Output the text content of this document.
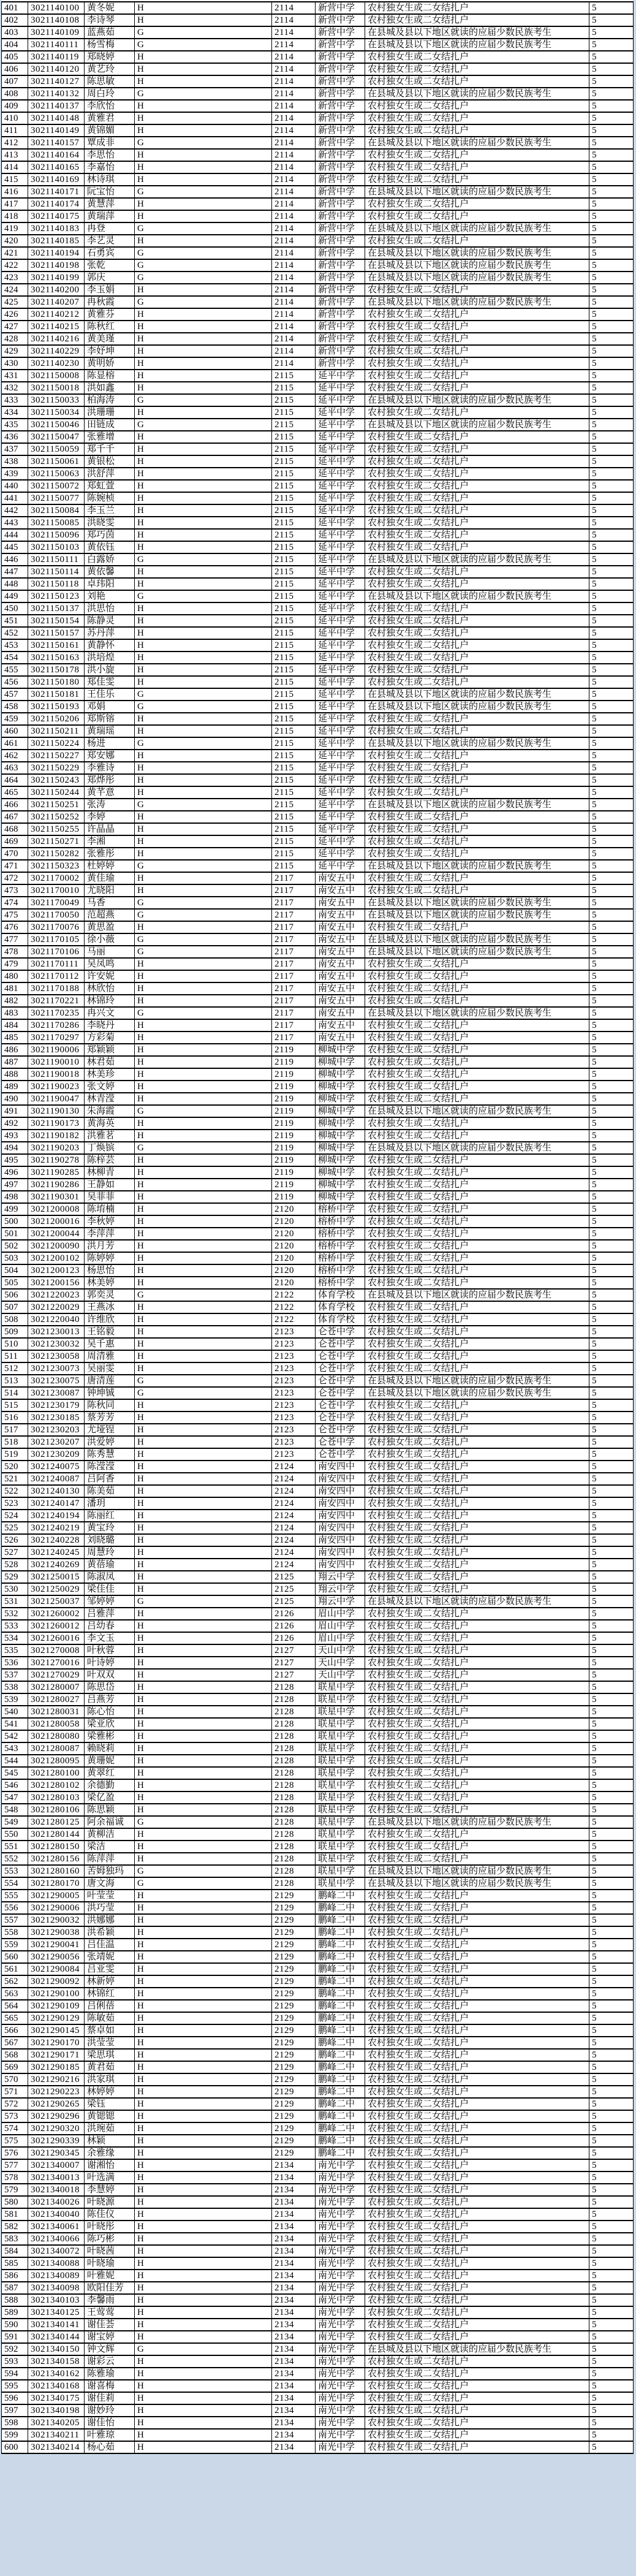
401	3021140100	黄冬妮	H	2114	新营中学	农村独女生或二女结扎户	5
402	3021140108	李诗琴	H	2114	新营中学	农村独女生或二女结扎户	5
403	3021140109	蓝燕茹	G	2114	新营中学	在县城及县以下地区就读的应届少数民族考生	5
404	3021140111	杨雪梅	G	2114	新营中学	在县城及县以下地区就读的应届少数民族考生	5
405	3021140119	郑晓婷	H	2114	新营中学	农村独女生或二女结扎户	5
406	3021140120	黄艺玲	H	2114	新营中学	农村独女生或二女结扎户	5
407	3021140127	陈思敏	H	2114	新营中学	农村独女生或二女结扎户	5
408	3021140132	周白玲	G	2114	新营中学	在县城及县以下地区就读的应届少数民族考生	5
409	3021140137	李欣怡	H	2114	新营中学	农村独女生或二女结扎户	5
410	3021140148	黄雅君	H	2114	新营中学	农村独女生或二女结扎户	5
411	3021140149	黄锦媚	H	2114	新营中学	农村独女生或二女结扎户	5
412	3021140157	覃成非	G	2114	新营中学	在县城及县以下地区就读的应届少数民族考生	5
413	3021140164	李思怡	H	2114	新营中学	农村独女生或二女结扎户	5
414	3021140165	李嘉怡	H	2114	新营中学	农村独女生或二女结扎户	5
415	3021140169	林诗琪	H	2114	新营中学	农村独女生或二女结扎户	5
416	3021140171	阮宝怡	G	2114	新营中学	在县城及县以下地区就读的应届少数民族考生	5
417	3021140174	黄慧萍	H	2114	新营中学	农村独女生或二女结扎户	5
418	3021140175	黄瑞萍	H	2114	新营中学	农村独女生或二女结扎户	5
419	3021140183	冉登	G	2114	新营中学	在县城及县以下地区就读的应届少数民族考生	5
420	3021140185	李艺灵	H	2114	新营中学	农村独女生或二女结扎户	5
421	3021140194	石勇宾	G	2114	新营中学	在县城及县以下地区就读的应届少数民族考生	5
422	3021140198	张乾	G	2114	新营中学	在县城及县以下地区就读的应届少数民族考生	5
423	3021140199	郭庆	G	2114	新营中学	在县城及县以下地区就读的应届少数民族考生	5
424	3021140200	李玉娟	H	2114	新营中学	农村独女生或二女结扎户	5
425	3021140207	冉秋霞	G	2114	新营中学	在县城及县以下地区就读的应届少数民族考生	5
426	3021140212	黄雅芬	H	2114	新营中学	农村独女生或二女结扎户	5
427	3021140215	陈秋红	H	2114	新营中学	农村独女生或二女结扎户	5
428	3021140216	黄美瑾	H	2114	新营中学	农村独女生或二女结扎户	5
429	3021140229	李妤坤	H	2114	新营中学	农村独女生或二女结扎户	5
430	3021140230	黄明娇	H	2114	新营中学	农村独女生或二女结扎户	5
431	3021150008	陈显榕	H	2115	延平中学	农村独女生或二女结扎户	5
432	3021150018	洪如鑫	H	2115	延平中学	农村独女生或二女结扎户	5
433	3021150033	柏海涛	G	2115	延平中学	在县城及县以下地区就读的应届少数民族考生	5
434	3021150034	洪珊珊	H	2115	延平中学	农村独女生或二女结扎户	5
435	3021150046	田链成	G	2115	延平中学	在县城及县以下地区就读的应届少数民族考生	5
436	3021150047	张雅增	H	2115	延平中学	农村独女生或二女结扎户	5
437	3021150059	郑千千	H	2115	延平中学	农村独女生或二女结扎户	5
438	3021150061	黄银松	H	2115	延平中学	农村独女生或二女结扎户	5
439	3021150063	洪舒萍	H	2115	延平中学	农村独女生或二女结扎户	5
440	3021150072	郑虹萱	H	2115	延平中学	农村独女生或二女结扎户	5
441	3021150077	陈婉桢	H	2115	延平中学	农村独女生或二女结扎户	5
442	3021150084	李玉兰	H	2115	延平中学	农村独女生或二女结扎户	5
443	3021150085	洪晓雯	H	2115	延平中学	农村独女生或二女结扎户	5
444	3021150096	郑巧茵	H	2115	延平中学	农村独女生或二女结扎户	5
445	3021150103	黄依钰	H	2115	延平中学	农村独女生或二女结扎户	5
446	3021150111	白露娇	G	2115	延平中学	在县城及县以下地区就读的应届少数民族考生	5
447	3021150114	黄依馨	H	2115	延平中学	农村独女生或二女结扎户	5
448	3021150118	卓玮阳	H	2115	延平中学	农村独女生或二女结扎户	5
449	3021150123	刘艳	G	2115	延平中学	在县城及县以下地区就读的应届少数民族考生	5
450	3021150137	洪思怡	H	2115	延平中学	农村独女生或二女结扎户	5
451	3021150154	陈静灵	H	2115	延平中学	农村独女生或二女结扎户	5
452	3021150157	苏丹萍	H	2115	延平中学	农村独女生或二女结扎户	5
453	3021150161	黄静怀	H	2115	延平中学	农村独女生或二女结扎户	5
454	3021150163	洪培煌	H	2115	延平中学	农村独女生或二女结扎户	5
455	3021150178	洪小旋	H	2115	延平中学	农村独女生或二女结扎户	5
456	3021150180	郑佳雯	H	2115	延平中学	农村独女生或二女结扎户	5
457	3021150181	王佳乐	G	2115	延平中学	在县城及县以下地区就读的应届少数民族考生	5
458	3021150193	邓娟	G	2115	延平中学	在县城及县以下地区就读的应届少数民族考生	5
459	3021150206	郑斯镕	H	2115	延平中学	农村独女生或二女结扎户	5
460	3021150211	黄瑞瑶	H	2115	延平中学	农村独女生或二女结扎户	5
461	3021150224	杨进	G	2115	延平中学	在县城及县以下地区就读的应届少数民族考生	5
462	3021150227	郑安娜	H	2115	延平中学	农村独女生或二女结扎户	5
463	3021150229	李雅诗	H	2115	延平中学	农村独女生或二女结扎户	5
464	3021150243	郑烨彤	H	2115	延平中学	农村独女生或二女结扎户	5
465	3021150244	黄芊意	H	2115	延平中学	农村独女生或二女结扎户	5
466	3021150251	张涛	G	2115	延平中学	在县城及县以下地区就读的应届少数民族考生	5
467	3021150252	李婷	H	2115	延平中学	农村独女生或二女结扎户	5
468	3021150255	许晶晶	H	2115	延平中学	农村独女生或二女结扎户	5
469	3021150271	李湘	H	2115	延平中学	农村独女生或二女结扎户	5
470	3021150282	张雅彤	H	2115	延平中学	农村独女生或二女结扎户	5
471	3021150323	杜婷婷	G	2115	延平中学	在县城及县以下地区就读的应届少数民族考生	5
472	3021170002	黄佳瑜	H	2117	南安五中	农村独女生或二女结扎户	5
473	3021170010	尤晓阳	H	2117	南安五中	农村独女生或二女结扎户	5
474	3021170049	马香	G	2117	南安五中	在县城及县以下地区就读的应届少数民族考生	5
475	3021170050	范超燕	G	2117	南安五中	在县城及县以下地区就读的应届少数民族考生	5
476	3021170076	黄思盈	H	2117	南安五中	农村独女生或二女结扎户	5
477	3021170105	徐小薇	G	2117	南安五中	在县城及县以下地区就读的应届少数民族考生	5
478	3021170106	马丽	G	2117	南安五中	在县城及县以下地区就读的应届少数民族考生	5
479	3021170111	吴凤鸣	H	2117	南安五中	农村独女生或二女结扎户	5
480	3021170112	许安妮	H	2117	南安五中	农村独女生或二女结扎户	5
481	3021170188	林欣怡	H	2117	南安五中	农村独女生或二女结扎户	5
482	3021170221	林锦玲	H	2117	南安五中	农村独女生或二女结扎户	5
483	3021170235	冉兴文	G	2117	南安五中	在县城及县以下地区就读的应届少数民族考生	5
484	3021170286	李晓丹	H	2117	南安五中	农村独女生或二女结扎户	5
485	3021170297	方彩菊	H	2117	南安五中	农村独女生或二女结扎户	5
486	3021190006	郑颖颖	H	2119	柳城中学	农村独女生或二女结扎户	5
487	3021190010	林君茹	H	2119	柳城中学	农村独女生或二女结扎户	5
488	3021190018	林美珍	H	2119	柳城中学	农村独女生或二女结扎户	5
489	3021190023	张文婷	H	2119	柳城中学	农村独女生或二女结扎户	5
490	3021190047	林青滢	H	2119	柳城中学	农村独女生或二女结扎户	5
491	3021190130	朱海霞	G	2119	柳城中学	在县城及县以下地区就读的应届少数民族考生	5
492	3021190173	黄海英	H	2119	柳城中学	农村独女生或二女结扎户	5
493	3021190182	洪雅茗	H	2119	柳城中学	农村独女生或二女结扎户	5
494	3021190203	丁焕镔	G	2119	柳城中学	在县城及县以下地区就读的应届少数民族考生	5
495	3021190278	陈梓芸	H	2119	柳城中学	农村独女生或二女结扎户	5
496	3021190285	林柳青	H	2119	柳城中学	农村独女生或二女结扎户	5
497	3021190286	王静如	H	2119	柳城中学	农村独女生或二女结扎户	5
498	3021190301	吴菲菲	H	2119	柳城中学	农村独女生或二女结扎户	5
499	3021200008	陈堉楠	H	2120	榕桥中学	农村独女生或二女结扎户	5
500	3021200016	李秋婷	H	2120	榕桥中学	农村独女生或二女结扎户	5
501	3021200044	李萍萍	H	2120	榕桥中学	农村独女生或二女结扎户	5
502	3021200090	洪月芳	H	2120	榕桥中学	农村独女生或二女结扎户	5
503	3021200102	陈婷婷	H	2120	榕桥中学	农村独女生或二女结扎户	5
504	3021200123	杨思怡	H	2120	榕桥中学	农村独女生或二女结扎户	5
505	3021200156	林美婷	H	2120	榕桥中学	农村独女生或二女结扎户	5
506	3021220023	郭奕灵	G	2122	体育学校	在县城及县以下地区就读的应届少数民族考生	5
507	3021220029	王燕冰	H	2122	体育学校	农村独女生或二女结扎户	5
508	3021220040	许维欣	H	2122	体育学校	农村独女生或二女结扎户	5
509	3021230013	王铭毅	H	2123	仑苍中学	农村独女生或二女结扎户	5
510	3021230032	吴千惠	H	2123	仑苍中学	农村独女生或二女结扎户	5
511	3021230058	周清雅	H	2123	仑苍中学	农村独女生或二女结扎户	5
512	3021230073	吴丽雯	H	2123	仑苍中学	农村独女生或二女结扎户	5
513	3021230075	唐清莲	G	2123	仑苍中学	在县城及县以下地区就读的应届少数民族考生	5
514	3021230087	钟坤铖	G	2123	仑苍中学	在县城及县以下地区就读的应届少数民族考生	5
515	3021230179	陈秋同	H	2123	仑苍中学	农村独女生或二女结扎户	5
516	3021230185	蔡芳芳	H	2123	仑苍中学	农村独女生或二女结扎户	5
517	3021230203	尤垭锃	H	2123	仑苍中学	农村独女生或二女结扎户	5
518	3021230207	洪爱婷	H	2123	仑苍中学	农村独女生或二女结扎户	5
519	3021230209	陈秀慧	H	2123	仑苍中学	农村独女生或二女结扎户	5
520	3021240075	陈滢滢	H	2124	南安四中	农村独女生或二女结扎户	5
521	3021240087	吕阿香	H	2124	南安四中	农村独女生或二女结扎户	5
522	3021240130	陈美茹	H	2124	南安四中	农村独女生或二女结扎户	5
523	3021240147	潘玥	H	2124	南安四中	农村独女生或二女结扎户	5
524	3021240194	陈丽红	H	2124	南安四中	农村独女生或二女结扎户	5
525	3021240219	黄宝玲	H	2124	南安四中	农村独女生或二女结扎户	5
526	3021240228	刘晓璐	H	2124	南安四中	农村独女生或二女结扎户	5
527	3021240245	周慧玲	H	2124	南安四中	农村独女生或二女结扎户	5
528	3021240269	黄蓓瑜	H	2124	南安四中	农村独女生或二女结扎户	5
529	3021250015	陈淑凤	H	2125	翔云中学	农村独女生或二女结扎户	5
530	3021250029	梁佳佳	H	2125	翔云中学	农村独女生或二女结扎户	5
531	3021250037	邹婷婷	G	2125	翔云中学	在县城及县以下地区就读的应届少数民族考生	5
532	3021260002	吕雅萍	H	2126	眉山中学	农村独女生或二女结扎户	5
533	3021260012	吕幼春	H	2126	眉山中学	农村独女生或二女结扎户	5
534	3021260016	李文玉	H	2126	眉山中学	农村独女生或二女结扎户	5
535	3021270008	叶秋蓉	H	2127	天山中学	农村独女生或二女结扎户	5
536	3021270016	叶诗婷	H	2127	天山中学	农村独女生或二女结扎户	5
537	3021270029	叶双双	H	2127	天山中学	农村独女生或二女结扎户	5
538	3021280007	陈思岱	H	2128	联星中学	农村独女生或二女结扎户	5
539	3021280027	吕燕芳	H	2128	联星中学	农村独女生或二女结扎户	5
540	3021280031	陈心怡	H	2128	联星中学	农村独女生或二女结扎户	5
541	3021280058	梁亚欣	H	2128	联星中学	农村独女生或二女结扎户	5
542	3021280080	梁雅彬	H	2128	联星中学	农村独女生或二女结扎户	5
543	3021280087	赖晓莉	H	2128	联星中学	农村独女生或二女结扎户	5
544	3021280095	黄珊妮	H	2128	联星中学	农村独女生或二女结扎户	5
545	3021280100	黄翠红	H	2128	联星中学	农村独女生或二女结扎户	5
546	3021280102	余德勤	H	2128	联星中学	农村独女生或二女结扎户	5
547	3021280103	梁亿盈	H	2128	联星中学	农村独女生或二女结扎户	5
548	3021280106	陈思颖	H	2128	联星中学	农村独女生或二女结扎户	5
549	3021280125	阿余福诚	G	2128	联星中学	在县城及县以下地区就读的应届少数民族考生	5
550	3021280144	黄柳洁	H	2128	联星中学	农村独女生或二女结扎户	5
551	3021280150	梁洁	H	2128	联星中学	农村独女生或二女结扎户	5
552	3021280156	陈萍萍	H	2128	联星中学	农村独女生或二女结扎户	5
553	3021280160	苦姆独玛	G	2128	联星中学	在县城及县以下地区就读的应届少数民族考生	5
554	3021280170	唐文海	G	2128	联星中学	在县城及县以下地区就读的应届少数民族考生	5
555	3021290005	叶莹莹	H	2129	鹏峰二中	农村独女生或二女结扎户	5
556	3021290006	洪巧莹	H	2129	鹏峰二中	农村独女生或二女结扎户	5
557	3021290032	洪娜娜	H	2129	鹏峰二中	农村独女生或二女结扎户	5
558	3021290038	洪希颖	H	2129	鹏峰二中	农村独女生或二女结扎户	5
559	3021290041	吕佳温	H	2129	鹏峰二中	农村独女生或二女结扎户	5
560	3021290056	张靖妮	H	2129	鹏峰二中	农村独女生或二女结扎户	5
561	3021290084	吕亚雯	H	2129	鹏峰二中	农村独女生或二女结扎户	5
562	3021290092	林新婷	H	2129	鹏峰二中	农村独女生或二女结扎户	5
563	3021290100	林锦红	H	2129	鹏峰二中	农村独女生或二女结扎户	5
564	3021290109	吕俐蓓	H	2129	鹏峰二中	农村独女生或二女结扎户	5
565	3021290129	陈敏茹	H	2129	鹏峰二中	农村独女生或二女结扎户	5
566	3021290145	蔡卓如	H	2129	鹏峰二中	农村独女生或二女结扎户	5
567	3021290170	洪莹莹	H	2129	鹏峰二中	农村独女生或二女结扎户	5
568	3021290171	梁思琪	H	2129	鹏峰二中	农村独女生或二女结扎户	5
569	3021290185	黄君茹	H	2129	鹏峰二中	农村独女生或二女结扎户	5
570	3021290216	洪家琪	H	2129	鹏峰二中	农村独女生或二女结扎户	5
571	3021290223	林婷婷	H	2129	鹏峰二中	农村独女生或二女结扎户	5
572	3021290265	梁钰	H	2129	鹏峰二中	农村独女生或二女结扎户	5
573	3021290296	黄锶锶	H	2129	鹏峰二中	农村独女生或二女结扎户	5
574	3021290320	洪琬茹	H	2129	鹏峰二中	农村独女生或二女结扎户	5
575	3021290339	林颖	H	2129	鹏峰二中	农村独女生或二女结扎户	5
576	3021290345	余雅缘	H	2129	鹏峰二中	农村独女生或二女结扎户	5
577	3021340007	谢湘怡	H	2134	南光中学	农村独女生或二女结扎户	5
578	3021340013	叶选满	H	2134	南光中学	农村独女生或二女结扎户	5
579	3021340018	李慧婷	H	2134	南光中学	农村独女生或二女结扎户	5
580	3021340026	叶晓源	H	2134	南光中学	农村独女生或二女结扎户	5
581	3021340040	陈佳仪	H	2134	南光中学	农村独女生或二女结扎户	5
582	3021340061	叶晓彤	H	2134	南光中学	农村独女生或二女结扎户	5
583	3021340066	陈巧彬	H	2134	南光中学	农村独女生或二女结扎户	5
584	3021340072	叶晓茜	H	2134	南光中学	农村独女生或二女结扎户	5
585	3021340088	叶晓瑜	H	2134	南光中学	农村独女生或二女结扎户	5
586	3021340089	叶雅妮	H	2134	南光中学	农村独女生或二女结扎户	5
587	3021340098	欧阳佳芳	H	2134	南光中学	农村独女生或二女结扎户	5
588	3021340103	李馨雨	H	2134	南光中学	农村独女生或二女结扎户	5
589	3021340125	王莺莺	H	2134	南光中学	农村独女生或二女结扎户	5
590	3021340141	谢佳荟	H	2134	南光中学	农村独女生或二女结扎户	5
591	3021340144	谢宝婷	H	2134	南光中学	农村独女生或二女结扎户	5
592	3021340150	钟文辉	G	2134	南光中学	在县城及县以下地区就读的应届少数民族考生	5
593	3021340158	谢彩云	H	2134	南光中学	农村独女生或二女结扎户	5
594	3021340162	陈雅瑜	H	2134	南光中学	农村独女生或二女结扎户	5
595	3021340168	谢喜梅	H	2134	南光中学	农村独女生或二女结扎户	5
596	3021340175	谢佳莉	H	2134	南光中学	农村独女生或二女结扎户	5
597	3021340198	谢妙玲	H	2134	南光中学	农村独女生或二女结扎户	5
598	3021340205	谢佳怡	H	2134	南光中学	农村独女生或二女结扎户	5
599	3021340211	叶雅琼	H	2134	南光中学	农村独女生或二女结扎户	5
600	3021340214	杨心茹	H	2134	南光中学	农村独女生或二女结扎户	5
